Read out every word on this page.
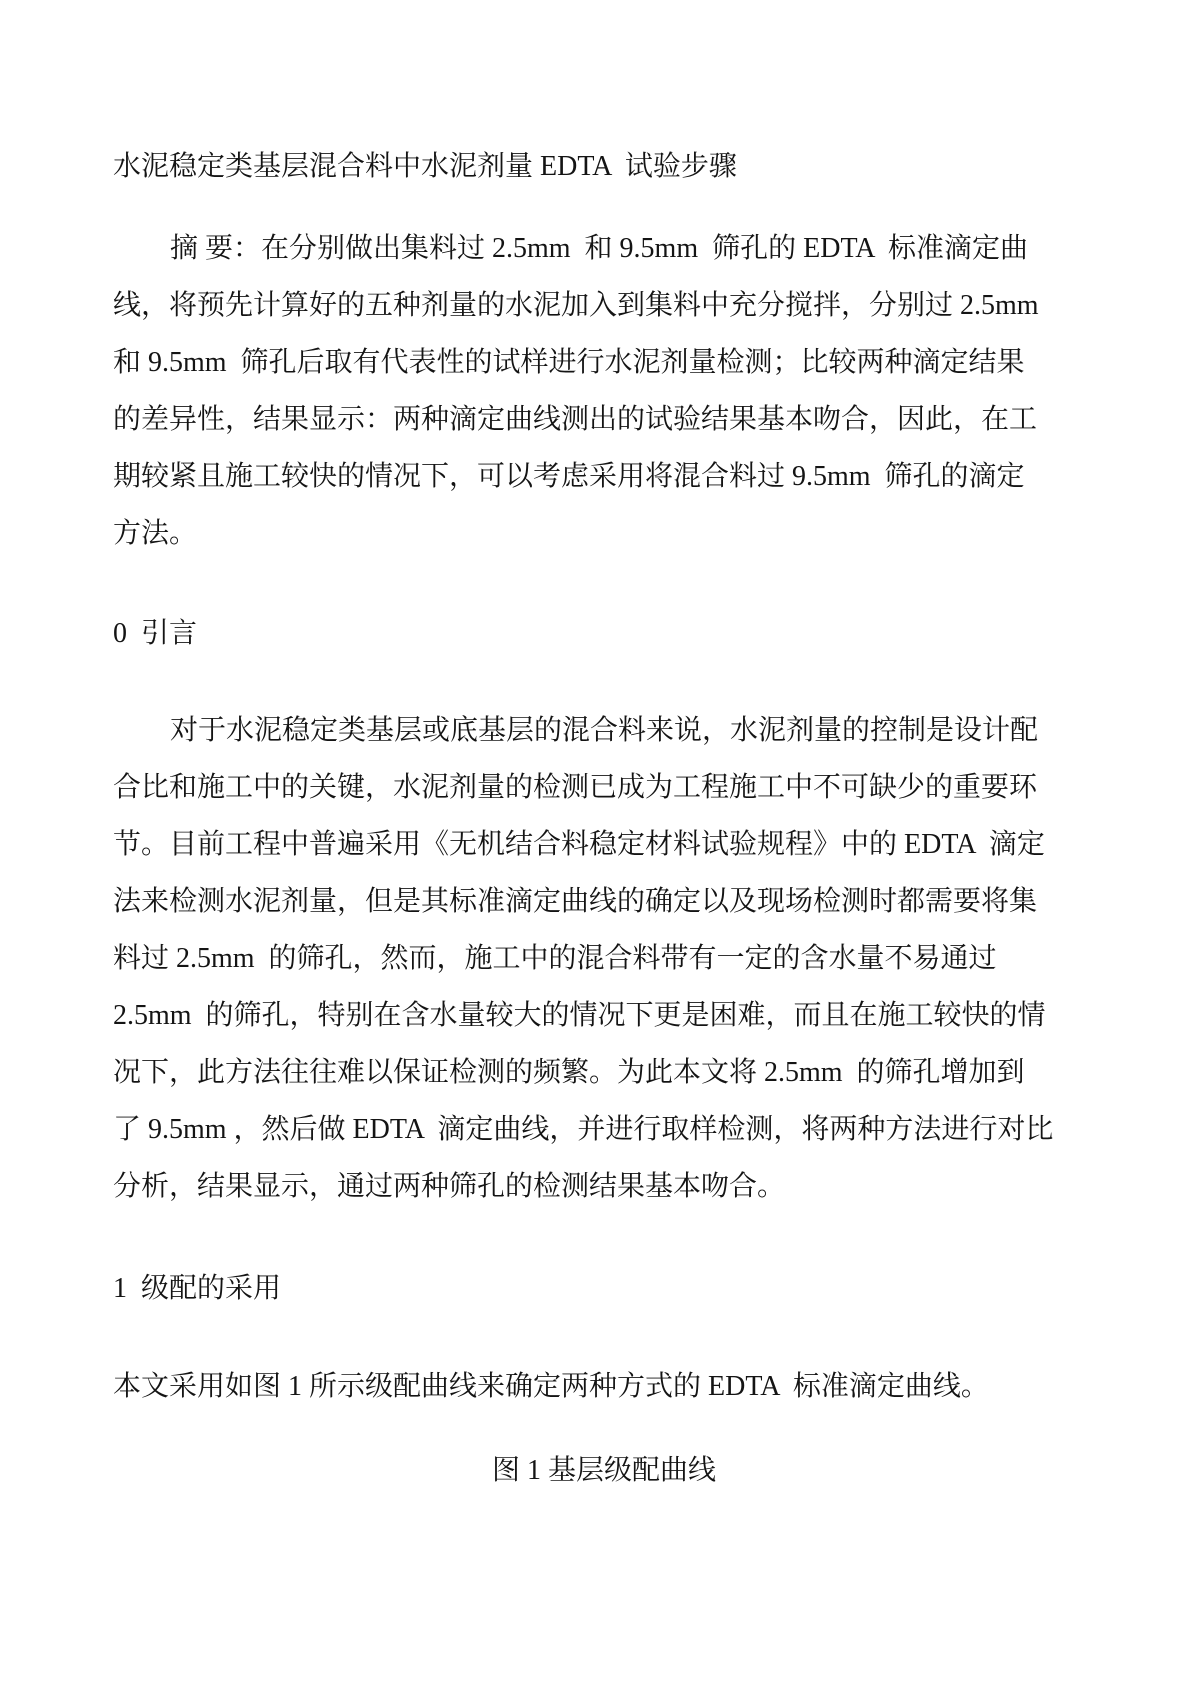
水泥稳定类基层混合料中水泥剂量 EDTA  试验步骤
摘 要：在分别做出集料过 2.5mm  和 9.5mm  筛孔的 EDTA  标准滴定曲
线，将预先计算好的五种剂量的水泥加入到集料中充分搅拌，分别过 2.5mm
和 9.5mm  筛孔后取有代表性的试样进行水泥剂量检测；比较两种滴定结果
的差异性，结果显示：两种滴定曲线测出的试验结果基本吻合，因此，在工
期较紧且施工较快的情况下，可以考虑采用将混合料过 9.5mm  筛孔的滴定
方法。
0  引言
对于水泥稳定类基层或底基层的混合料来说，水泥剂量的控制是设计配
合比和施工中的关键，水泥剂量的检测已成为工程施工中不可缺少的重要环
节。目前工程中普遍采用《无机结合料稳定材料试验规程》中的 EDTA  滴定
法来检测水泥剂量，但是其标准滴定曲线的确定以及现场检测时都需要将集
料过 2.5mm  的筛孔，然而，施工中的混合料带有一定的含水量不易通过
2.5mm  的筛孔，特别在含水量较大的情况下更是困难，而且在施工较快的情
况下，此方法往往难以保证检测的频繁。为此本文将 2.5mm  的筛孔增加到
了 9.5mm ，然后做 EDTA  滴定曲线，并进行取样检测，将两种方法进行对比
分析，结果显示，通过两种筛孔的检测结果基本吻合。
1  级配的采用
本文采用如图 1 所示级配曲线来确定两种方式的 EDTA  标准滴定曲线。
图 1 基层级配曲线
